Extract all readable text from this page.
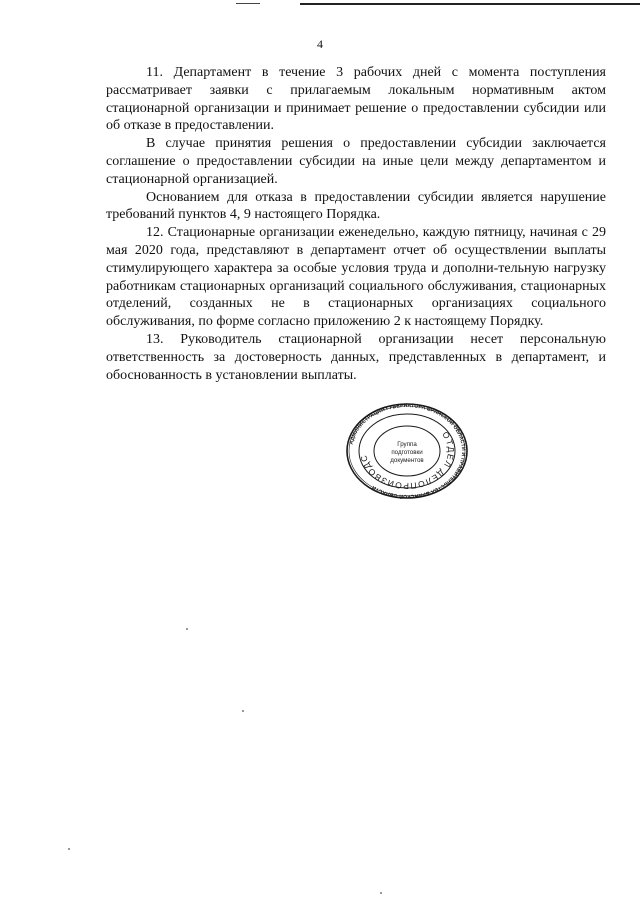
4

11. Департамент в течение 3 рабочих дней с момента поступления рассматривает заявки с прилагаемым локальным нормативным актом стационарной организации и принимает решение о предоставлении субсидии или об отказе в предоставлении.

В случае принятия решения о предоставлении субсидии заключается соглашение о предоставлении субсидии на иные цели между департаментом и стационарной организацией.

Основанием для отказа в предоставлении субсидии является нарушение требований пунктов 4, 9 настоящего Порядка.

12. Стационарные организации еженедельно, каждую пятницу, начиная с 29 мая 2020 года, представляют в департамент отчет об осуществлении выплаты стимулирующего характера за особые условия труда и дополни-тельную нагрузку работникам стационарных организаций социального обслуживания, стационарных отделений, созданных не в стационарных организациях социального обслуживания, по форме согласно приложению 2 к настоящему Порядку.

13. Руководитель стационарной организации несет персональную ответственность за достоверность данных, представленных в департамент, и обоснованность в установлении выплаты.

АДМИНИСТРАЦИЯ ГУБЕРНАТОРА БРЯНСКОЙ ОБЛАСТИ И ПРАВИТЕЛЬСТВА БРЯНСКОЙ ОБЛАСТИ
ОТДЕЛ ДЕЛОПРОИЗВОДС
Группа
подготовки
документов
